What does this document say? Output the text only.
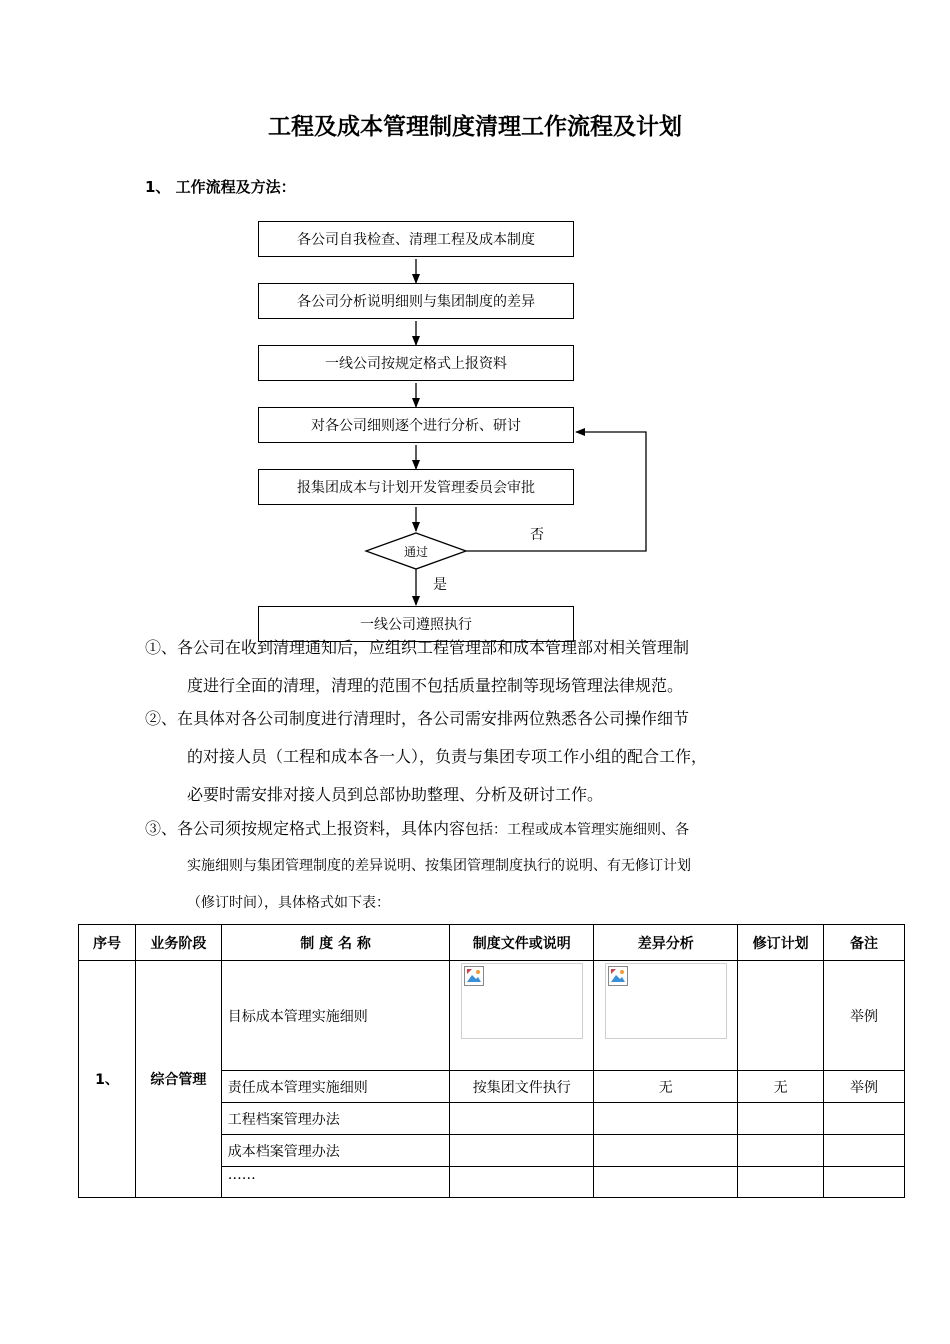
工程及成本管理制度清理工作流程及计划
1、 工作流程及方法：
各公司自我检查、清理工程及成本制度
各公司分析说明细则与集团制度的差异
一线公司按规定格式上报资料
对各公司细则逐个进行分析、研讨
报集团成本与计划开发管理委员会审批
通过
否
是
一线公司遵照执行
①、各公司在收到清理通知后，应组织工程管理部和成本管理部对相关管理制
度进行全面的清理，清理的范围不包括质量控制等现场管理法律规范。
②、在具体对各公司制度进行清理时，各公司需安排两位熟悉各公司操作细节
的对接人员（工程和成本各一人），负责与集团专项工作小组的配合工作，
必要时需安排对接人员到总部协助整理、分析及研讨工作。
③、各公司须按规定格式上报资料，具体内容包括：工程或成本管理实施细则、各
实施细则与集团管理制度的差异说明、按集团管理制度执行的说明、有无修订计划
（修订时间），具体格式如下表：
序号	业务阶段	制 度 名 称	制度文件或说明	差异分析	修订计划	备注
1、	综合管理	目标成本管理实施细则				举例
		责任成本管理实施细则	按集团文件执行	无	无	举例
		工程档案管理办法				
		成本档案管理办法				
		……				
